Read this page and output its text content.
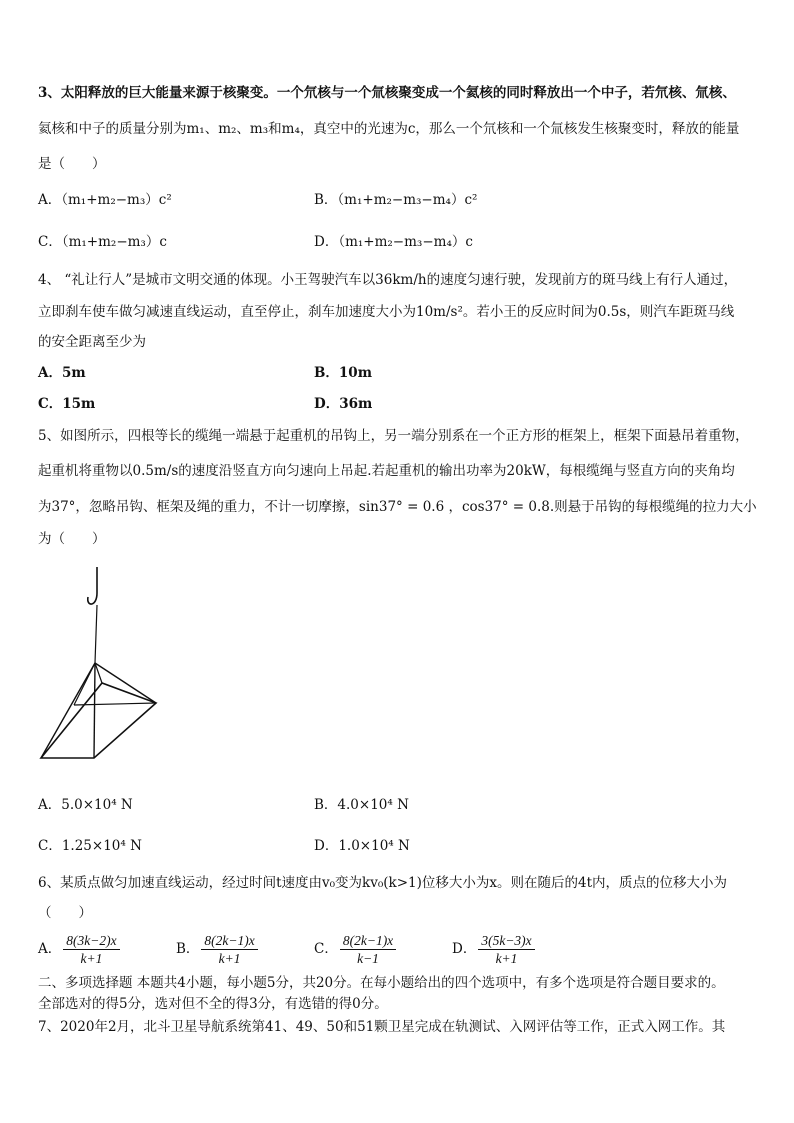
3、太阳释放的巨大能量来源于核聚变。一个氘核与一个氚核聚变成一个氦核的同时释放出一个中子，若氘核、氚核、
氦核和中子的质量分别为m₁、m₂、m₃和m₄，真空中的光速为c，那么一个氘核和一个氚核发生核聚变时，释放的能量
是（　　）
A．（m₁+m₂−m₃）c²	B．（m₁+m₂−m₃−m₄）c²
C．（m₁+m₂−m₃）c	D．（m₁+m₂−m₃−m₄）c
4、 “礼让行人”是城市文明交通的体现。小王驾驶汽车以36km/h的速度匀速行驶，发现前方的斑马线上有行人通过，
立即刹车使车做匀减速直线运动，直至停止，刹车加速度大小为10m/s²。若小王的反应时间为0.5s，则汽车距斑马线
的安全距离至少为
A．5m	B．10m
C．15m	D．36m
5、如图所示，四根等长的缆绳一端悬于起重机的吊钩上，另一端分别系在一个正方形的框架上，框架下面悬吊着重物，
起重机将重物以0.5m/s的速度沿竖直方向匀速向上吊起.若起重机的输出功率为20kW，每根缆绳与竖直方向的夹角均
为37°，忽略吊钩、框架及绳的重力，不计一切摩擦，sin37° = 0.6 ，cos37° = 0.8.则悬于吊钩的每根缆绳的拉力大小
为（　　）
A．5.0×10⁴ N	B．4.0×10⁴ N
C．1.25×10⁴ N	D．1.0×10⁴ N
6、某质点做匀加速直线运动，经过时间t速度由v₀变为kv₀(k>1)位移大小为x。则在随后的4t内，质点的位移大小为
（　　）
A． $\frac{8(3k-2)x}{k+1}$	B． $\frac{8(2k-1)x}{k+1}$	C． $\frac{8(2k-1)x}{k-1}$	D． $\frac{3(5k-3)x}{k+1}$
二、多项选择题 本题共4小题，每小题5分，共20分。在每小题给出的四个选项中，有多个选项是符合题目要求的。
全部选对的得5分，选对但不全的得3分，有选错的得0分。
7、2020年2月，北斗卫星导航系统第41、49、50和51颗卫星完成在轨测试、入网评估等工作，正式入网工作。其
